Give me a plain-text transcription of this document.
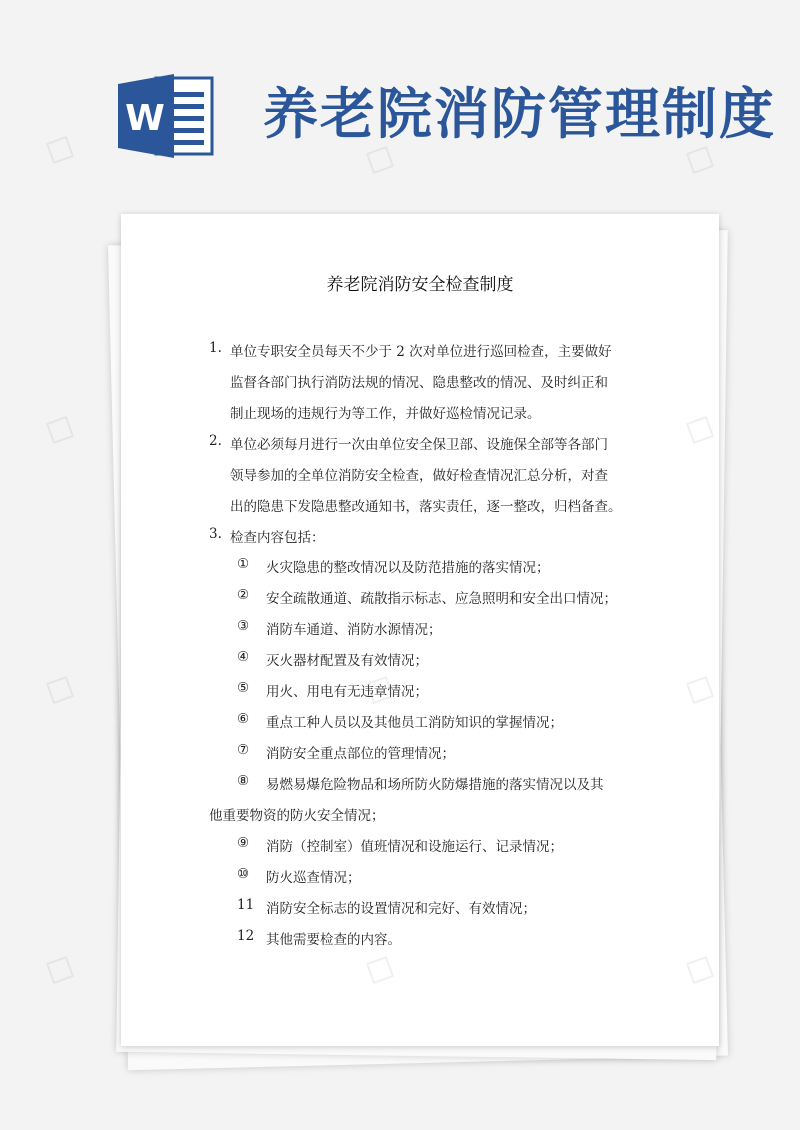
W 养老院消防管理制度
养老院消防安全检查制度
1. 单位专职安全员每天不少于 2 次对单位进行巡回检查，主要做好
监督各部门执行消防法规的情况、隐患整改的情况、及时纠正和
制止现场的违规行为等工作，并做好巡检情况记录。
2. 单位必须每月进行一次由单位安全保卫部、设施保全部等各部门
领导参加的全单位消防安全检查，做好检查情况汇总分析，对查
出的隐患下发隐患整改通知书，落实责任，逐一整改，归档备查。
3. 检查内容包括：
① 火灾隐患的整改情况以及防范措施的落实情况；
② 安全疏散通道、疏散指示标志、应急照明和安全出口情况；
③ 消防车通道、消防水源情况；
④ 灭火器材配置及有效情况；
⑤ 用火、用电有无违章情况；
⑥ 重点工种人员以及其他员工消防知识的掌握情况；
⑦ 消防安全重点部位的管理情况；
⑧ 易燃易爆危险物品和场所防火防爆措施的落实情况以及其
他重要物资的防火安全情况；
⑨ 消防（控制室）值班情况和设施运行、记录情况；
⑩ 防火巡查情况；
11 消防安全标志的设置情况和完好、有效情况；
12 其他需要检查的内容。
